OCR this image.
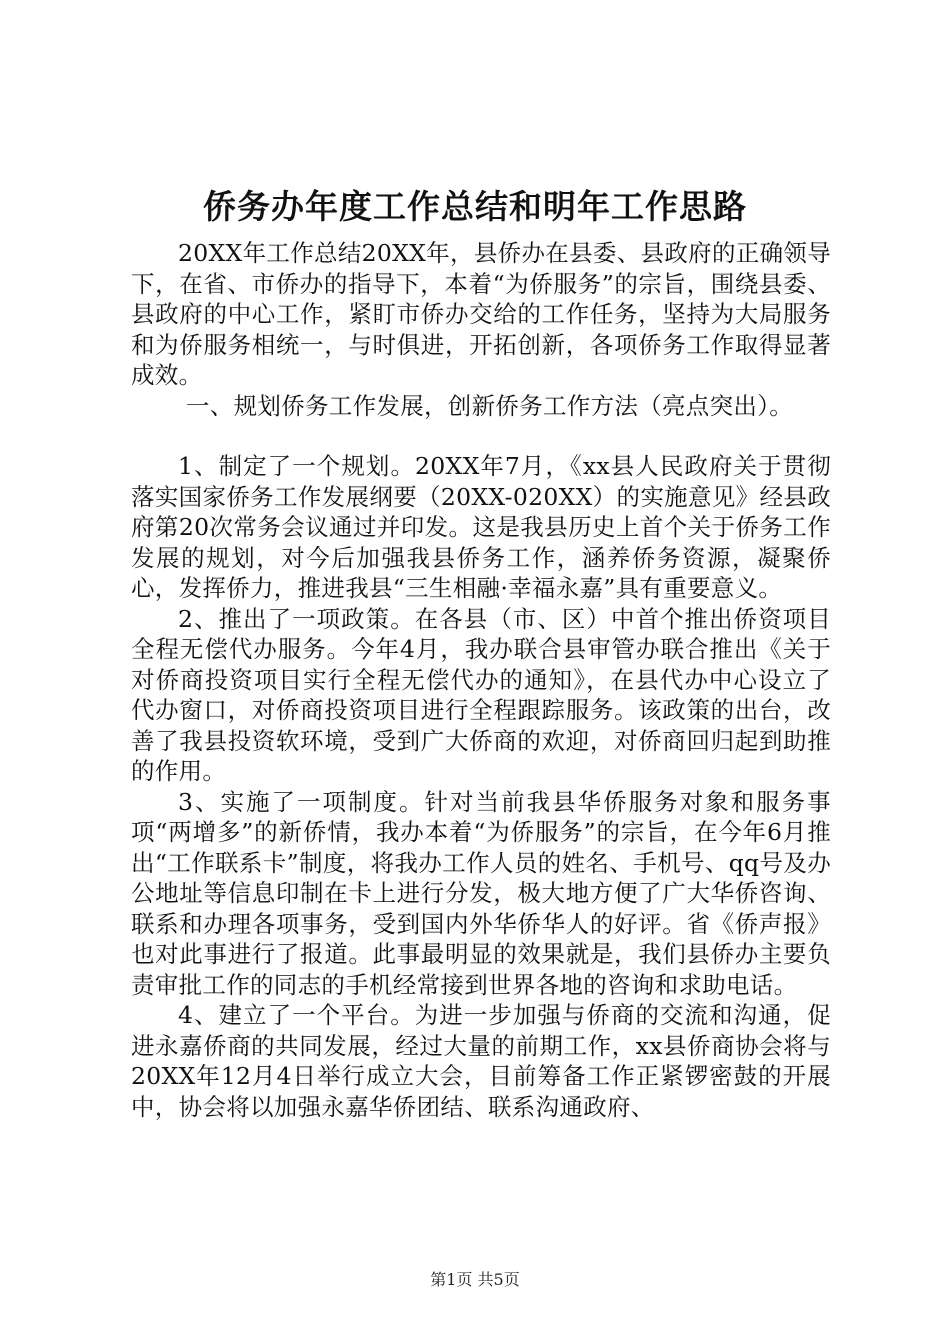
侨务办年度工作总结和明年工作思路

20XX年工作总结20XX年，县侨办在县委、县政府的正确领导下，在省、市侨办的指导下，本着“为侨服务”的宗旨，围绕县委、县政府的中心工作，紧盯市侨办交给的工作任务，坚持为大局服务和为侨服务相统一，与时俱进，开拓创新，各项侨务工作取得显著成效。

一、规划侨务工作发展，创新侨务工作方法（亮点突出）。

1、制定了一个规划。20XX年7月，《xx县人民政府关于贯彻落实国家侨务工作发展纲要（20XX-020XX）的实施意见》经县政府第20次常务会议通过并印发。这是我县历史上首个关于侨务工作发展的规划，对今后加强我县侨务工作，涵养侨务资源，凝聚侨心，发挥侨力，推进我县“三生相融·幸福永嘉”具有重要意义。

2、推出了一项政策。在各县（市、区）中首个推出侨资项目全程无偿代办服务。今年4月，我办联合县审管办联合推出《关于对侨商投资项目实行全程无偿代办的通知》，在县代办中心设立了代办窗口，对侨商投资项目进行全程跟踪服务。该政策的出台，改善了我县投资软环境，受到广大侨商的欢迎，对侨商回归起到助推的作用。

3、实施了一项制度。针对当前我县华侨服务对象和服务事项“两增多”的新侨情，我办本着“为侨服务”的宗旨，在今年6月推出“工作联系卡”制度，将我办工作人员的姓名、手机号、qq号及办公地址等信息印制在卡上进行分发，极大地方便了广大华侨咨询、联系和办理各项事务，受到国内外华侨华人的好评。省《侨声报》也对此事进行了报道。此事最明显的效果就是，我们县侨办主要负责审批工作的同志的手机经常接到世界各地的咨询和求助电话。

4、建立了一个平台。为进一步加强与侨商的交流和沟通，促进永嘉侨商的共同发展，经过大量的前期工作，xx县侨商协会将与20XX年12月4日举行成立大会，目前筹备工作正紧锣密鼓的开展中，协会将以加强永嘉华侨团结、联系沟通政府、

第1页 共5页
